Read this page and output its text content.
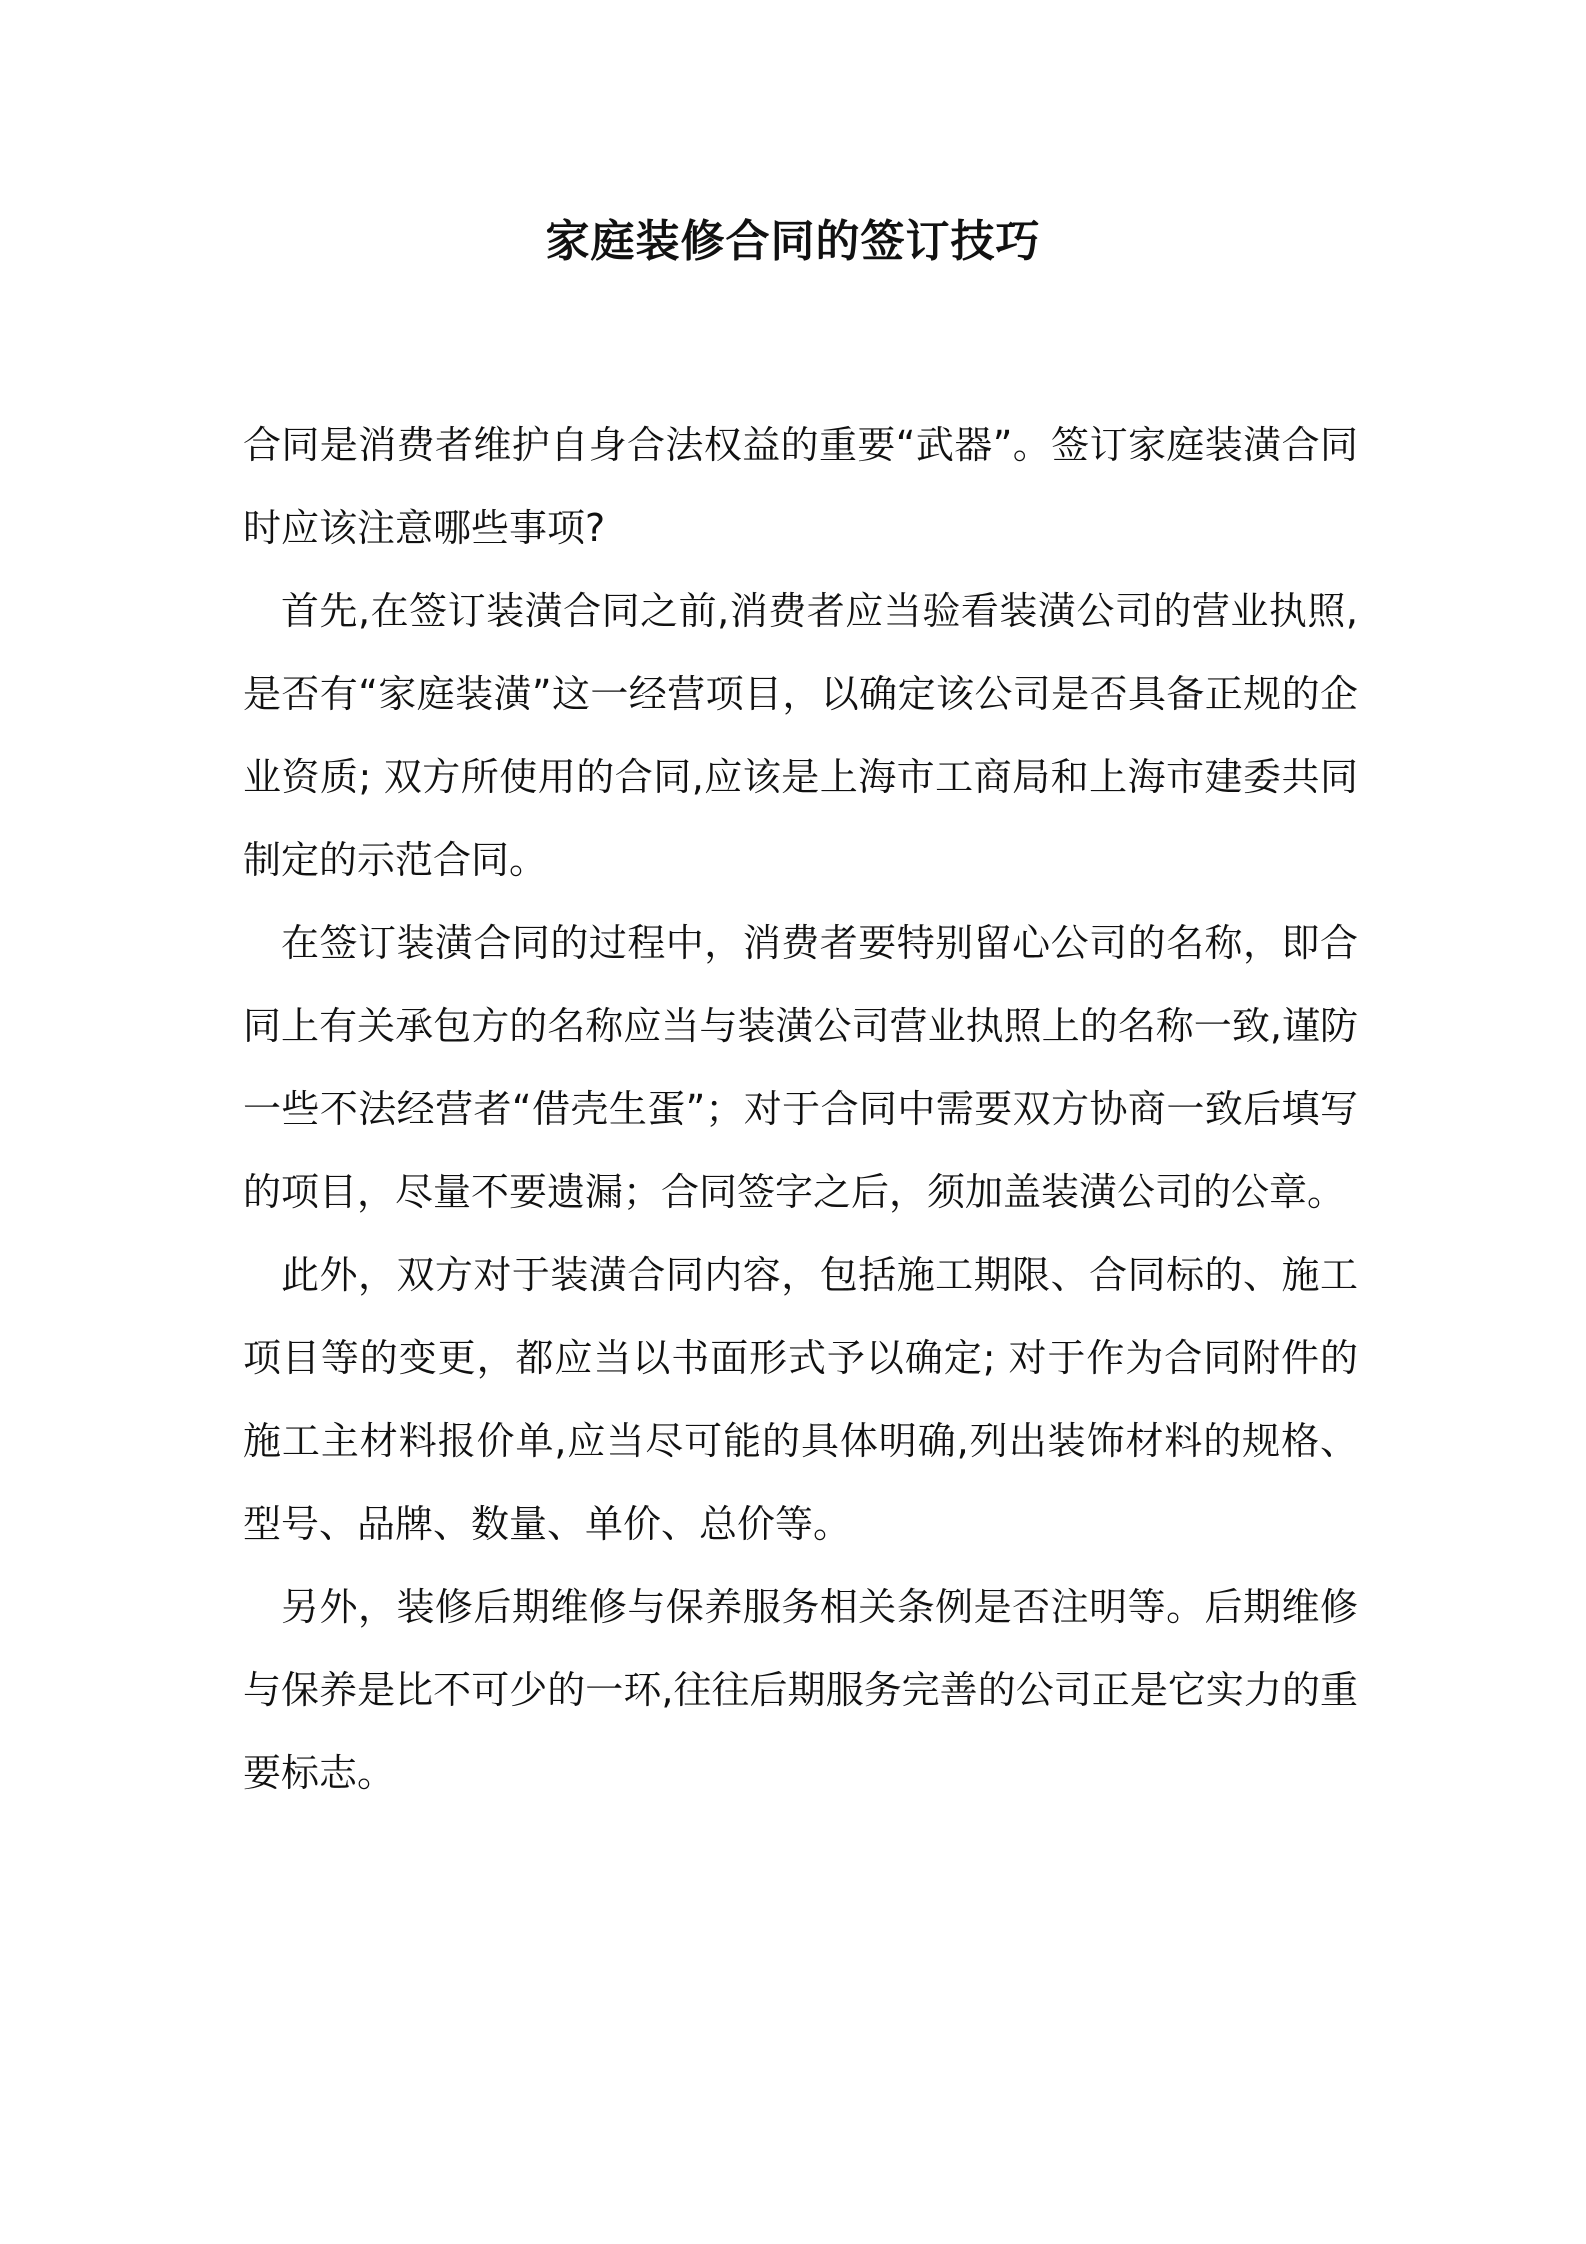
家庭装修合同的签订技巧

合同是消费者维护自身合法权益的重要“武器”。签订家庭装潢合同时应该注意哪些事项?

首先,在签订装潢合同之前,消费者应当验看装潢公司的营业执照,是否有“家庭装潢”这一经营项目，以确定该公司是否具备正规的企业资质; 双方所使用的合同,应该是上海市工商局和上海市建委共同制定的示范合同。

在签订装潢合同的过程中，消费者要特别留心公司的名称，即合同上有关承包方的名称应当与装潢公司营业执照上的名称一致,谨防一些不法经营者“借壳生蛋”；对于合同中需要双方协商一致后填写的项目，尽量不要遗漏；合同签字之后，须加盖装潢公司的公章。

此外，双方对于装潢合同内容，包括施工期限、合同标的、施工项目等的变更，都应当以书面形式予以确定; 对于作为合同附件的施工主材料报价单,应当尽可能的具体明确,列出装饰材料的规格、型号、品牌、数量、单价、总价等。

另外，装修后期维修与保养服务相关条例是否注明等。后期维修与保养是比不可少的一环,往往后期服务完善的公司正是它实力的重要标志。
